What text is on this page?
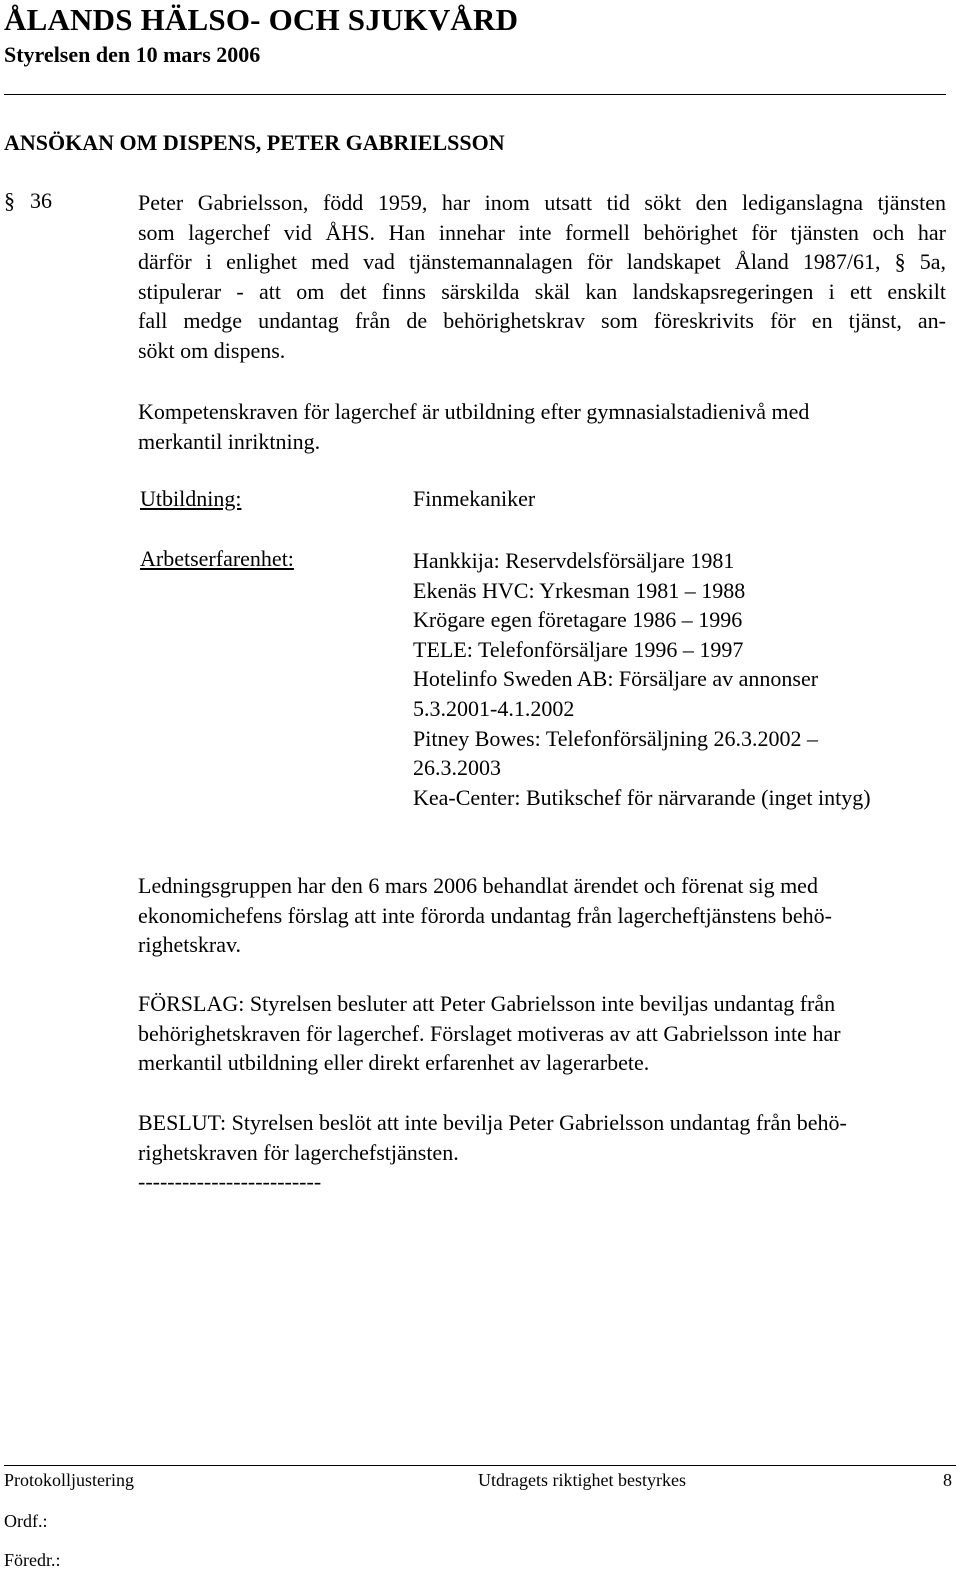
ÅLANDS HÄLSO- OCH SJUKVÅRD
Styrelsen den 10 mars 2006
ANSÖKAN OM DISPENS, PETER GABRIELSSON
§ 36	Peter Gabrielsson, född 1959, har inom utsatt tid sökt den lediganslagna tjänsten
som lagerchef vid ÅHS. Han innehar inte formell behörighet för tjänsten och har
därför i enlighet med vad tjänstemannalagen för landskapet Åland 1987/61, § 5a,
stipulerar - att om det finns särskilda skäl kan landskapsregeringen i ett enskilt
fall medge undantag från de behörighetskrav som föreskrivits för en tjänst, an-
sökt om dispens.
Kompetenskraven för lagerchef är utbildning efter gymnasialstadienivå med
merkantil inriktning.
Utbildning:	Finmekaniker
Arbetserfarenhet:	Hankkija: Reservdelsförsäljare 1981
Ekenäs HVC: Yrkesman 1981 – 1988
Krögare egen företagare 1986 – 1996
TELE: Telefonförsäljare 1996 – 1997
Hotelinfo Sweden AB: Försäljare av annonser
5.3.2001-4.1.2002
Pitney Bowes: Telefonförsäljning 26.3.2002 –
26.3.2003
Kea-Center: Butikschef för närvarande (inget intyg)
Ledningsgruppen har den 6 mars 2006 behandlat ärendet och förenat sig med
ekonomichefens förslag att inte förorda undantag från lagercheftjänstens behö-
righetskrav.
FÖRSLAG: Styrelsen besluter att Peter Gabrielsson inte beviljas undantag från
behörighetskraven för lagerchef. Förslaget motiveras av att Gabrielsson inte har
merkantil utbildning eller direkt erfarenhet av lagerarbete.
BESLUT: Styrelsen beslöt att inte bevilja Peter Gabrielsson undantag från behö-
righetskraven för lagerchefstjänsten.
-------------------------
Protokolljustering	Utdragets riktighet bestyrkes	8
Ordf.:
Föredr.:
